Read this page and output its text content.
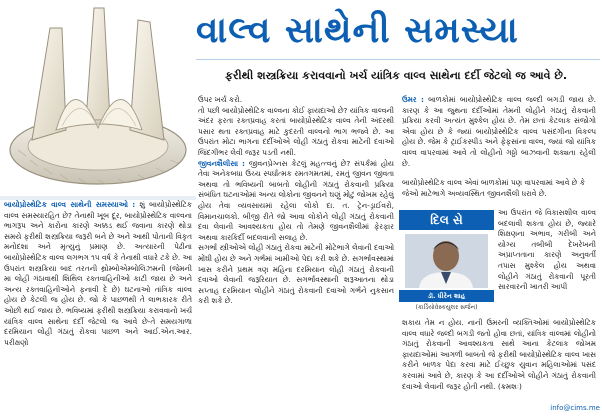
વાલ્વ સાથેની સમસ્યા
ફરીથી શસ્ત્રક્રિયા કરાવવાનો ખર્ચ યાંત્રિક વાલ્વ સાથેના દર્દી જેટલો જ આવે છે.

બાયોપ્રોસ્થેટિક વાલ્વ સાથેની સમસ્યાઓ : શું બાયોપ્રોસ્થેટિક વાલ્વ સમસ્યારહિત છે? તેનાથી ખૂબ દૂર, બાયોપ્રોસ્થેટિક વાલ્વના ભાગરૂપ અને કારોના કારણે અક્કડ થઈ જવાના કારણે થોડા સમયે ફરીથી શસ્ત્રક્રિયા જરૂરી બને છે અને આથી પોતાની વિકૃત મનોદશા અને મૃત્યુનું પ્રમાણ છે. અત્યારની પેઢીના બાયોપ્રોસ્થેટિક વાલ્વ લગભગ ૧૫ વર્ષ કે તેનાથી વધારે ટકે છે. આ ઉપરાંત શસ્ત્રક્રિયા બાદ તરતની થ્રોમ્બોએમ્બોલિઝમની (જેમની મા લોહી ગંઠાવાથી શિથિલ રક્તવાહિનીઓ કાટી જાય છે અને અન્ય રક્તવાહિનીઓને ફનાવી દે છે) ઘટનાઓ તાંત્રિક વાલ્વ હોય છે કેટલી જ હોય છે. જો કે પાછળથી તે લાભકારક રીતે ઓછી થઈ જાય છે. ભવિષ્યમાં ફરીથી શસ્ત્રક્રિયા કરાવવાનો ખર્ચ યાંત્રિક વાલ્વ સાથેના દર્દી જેટલો જ આવે છે-તે સમયગાળા દરમિયાન લોહી ગંઠાતું રોકવા પાછળ અને આઈ.એન.આર. પરીક્ષણો

ઉપર ખર્ચ કરો.

તો પછી બાયોપ્રોસ્થેટિક વાલ્વના કોઈ ફાયદાઓ છે? યાંત્રિક વાલ્વની અંદર ફરતા રક્તપ્રવાહ કરતાં બાયોપ્રોસ્થેટિક વાલ્વ તેની અંદરથી પસાર થતા રક્તપ્રવાહ માટે કુદરતી વાલ્વનો ભાગ ભજવે છે. આ ઉપરાંત મોટા ભાગના દર્દીઓએ લોહી ગંઠાતું રોકવા માટેની દવાઓ જિંદગીભર લેવી જરૂર પડતી નથી.

જીવનશૈલીસા : જીવનપ્રેગ્નસ કેટલું મહત્ત્વનું છે? સંપર્કમાં હોય તેવા અનેકબધા ઉચ્ચ સ્પર્ધાત્મક રમતગમતમાં, રમતું જીવન જીવતા અથવા તો ભવિષ્યની બાબતો લોહીની ગંઠાતું રોકવાની પ્રક્રિયા સંબંધિત ઘટનાઓમાં અન્ય લોકોના જીવનને ઘણું મોટું જોખમ રહેલું હોય તેવા વ્યવસાયમાં રહેલા લોકો દા. ત. ટ્રેન-ડ્રાઈવરો, વિમાનચાલકો. બીજી રીતે જો આવા લોકોને લોહી ગંઠાતું રોકવાની દવા લેવાની આવશ્યકતા હોય તો તેમણે જીવનશૈલીમાં ફેરફાર અથવા કારકિર્દી બદલવાની સલાહ છે.

સગર્ભા સ્ત્રીઓએ લોહી ગંઠાતું રોકવા માટેની મોટેભાગે લેવાની દવાઓ મોંઘી હોય છે અને ગર્ભમાં ખામીઓ પેદા કરી શકે છે. સગર્ભાવસ્થામાં ખાસ કરીને પ્રથમ ત્રણ મહિના દરમિયાન લોહી ગંઠાતું રોકવાની દવાઓ લેવાની જરૂરિયાત છે. સગર્ભાવસ્થાની શરૂઆતના થોડા સપ્તાહ દરમિયાન લોહીને ગંઠાતું રોકવાની દવાઓ ગર્ભને નુકસાન કરી શકે છે.

ઉંમર : બાળકોમાં બાયોપ્રોસ્થેટિક વાલ્વ જલ્દી બગડી જાય છે. કારણ કે આ જુથના દર્દીઓમાં તેમની લોહીને ગંઠાતું રોકવાની પ્રક્રિયા કરવી અત્યંત મુશ્કેલ હોય છે. તેમ છતાં કેટલાક સંજોગો એવા હોય છે કે જ્યાં બાયોપ્રોસ્થેટિક વાલ્વ પસંદગીના વિકલ્પ હોય છે. જેમ કે ટ્રાઈકસ્પીડ અને ફેફસાંના વાલ્વ, જ્યાં જો યાંત્રિક વાલ્વ વાપરવામાં આવે તો લોહીનો ગઠ્ઠો બાઝવાની શક્યતા રહેલી છે.

બાયોપ્રોસ્થેટિક વાલ્વ એવાં બાળકોમાં પણ વાપરવામાં આવે છે કે જેઓ માટેભાગે અવ્યવસ્થિત જીવનશૈલી ધરાવે છે.

આ ઉપરાંત જે વિકાસશીલ વાલ્વ બદલાવી શકતા હોય છે, જ્યારે શિક્ષણના અભાવ, ગરીબી અને યોગ્ય તબીબી દેખરેખની અપ્રાપ્તતાના કારણે અનુવર્તી તપાસ મુશ્કેલ હોય અથવા લોહીને ગંઠાતું રોકવાની પૂરતી સારવારની ખાતરી આપી

શકાય તેમ ન હોય. નાની ઉંમરની વ્યક્તિઓમાં બાયોપ્રોસ્થેટિક વાલ્વ વધારે જલ્દી બગડી જતો હોવા છતાં, યાંત્રિક વાલ્વમાં લોહીનો ગંઠાતું રોકવાની આવશ્યકતા સાથે આના કેટલાક જોખમ ફાયદાઓમાં આગળી બાબતો જે ફરીથી બાયોપ્રોસ્થેટિક વાલ્વ ખાસ કરીને બાળક પેદા કરવા માટે ઈચ્છુક યુવાન મહિલાઓમાં પસંદ કરવામાં આવે છે, કારણ કે આ દર્દીઓએ લોહીને ગંઠાતું રોકવાની દવાઓ લેવાની જરૂર હોતી નથી. (ક્રમશઃ)

દિલ સે
ડૉ. ધીરેન શાહ
(કાર્ડિયોવેસ્કયુલર સર્જન)
info@cims.me
